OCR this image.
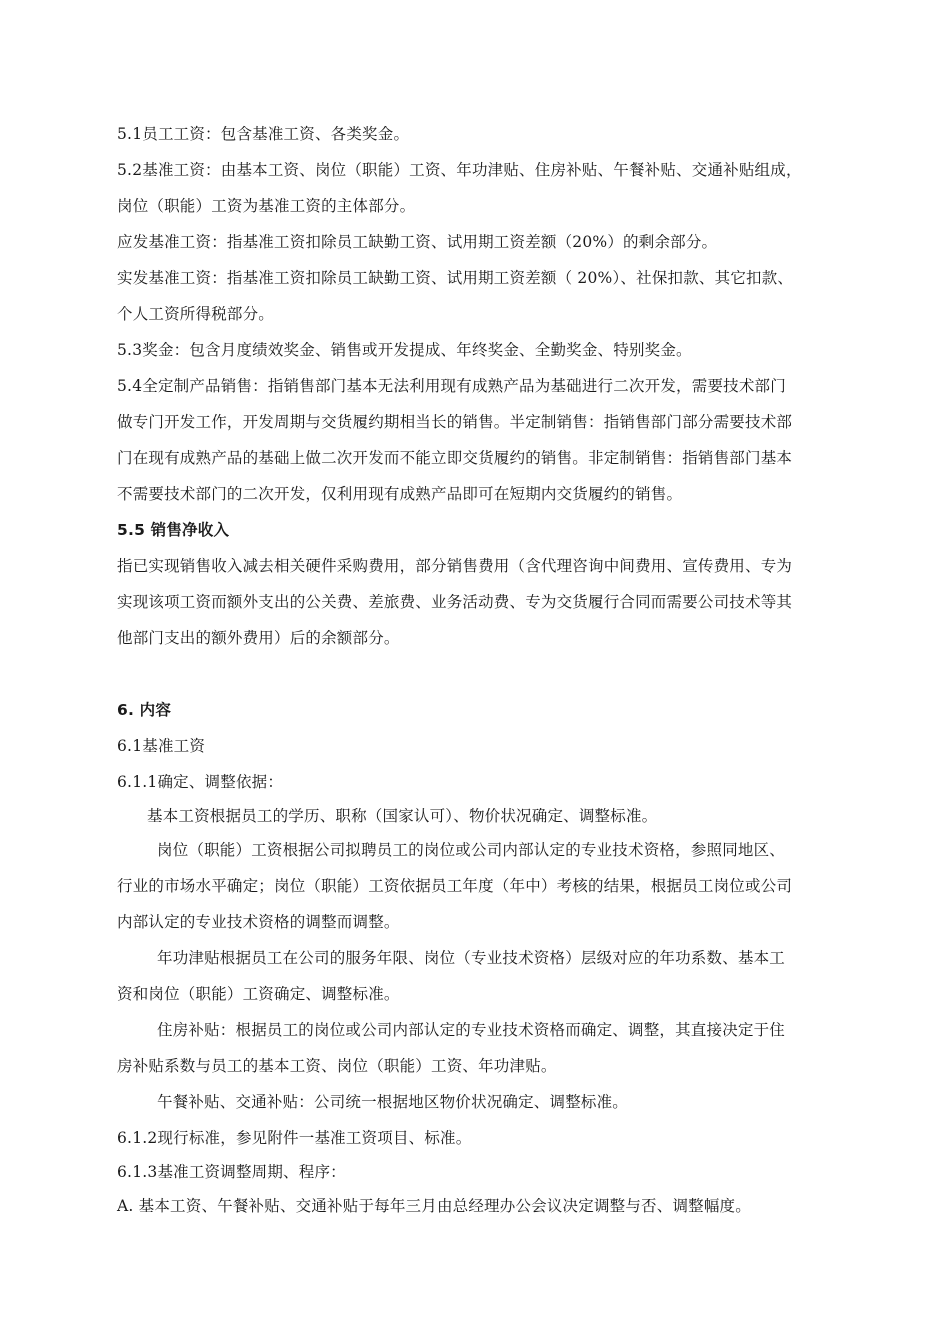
5.1员工工资：包含基准工资、各类奖金。
5.2基准工资：由基本工资、岗位（职能）工资、年功津贴、住房补贴、午餐补贴、交通补贴组成，
岗位（职能）工资为基准工资的主体部分。
应发基准工资：指基准工资扣除员工缺勤工资、试用期工资差额（20%）的剩余部分。
实发基准工资：指基准工资扣除员工缺勤工资、试用期工资差额（ 20%）、社保扣款、其它扣款、
个人工资所得税部分。
5.3奖金：包含月度绩效奖金、销售或开发提成、年终奖金、全勤奖金、特别奖金。
5.4全定制产品销售：指销售部门基本无法利用现有成熟产品为基础进行二次开发，需要技术部门
做专门开发工作，开发周期与交货履约期相当长的销售。半定制销售：指销售部门部分需要技术部
门在现有成熟产品的基础上做二次开发而不能立即交货履约的销售。非定制销售：指销售部门基本
不需要技术部门的二次开发，仅利用现有成熟产品即可在短期内交货履约的销售。
5.5 销售净收入
指已实现销售收入减去相关硬件采购费用，部分销售费用（含代理咨询中间费用、宣传费用、专为
实现该项工资而额外支出的公关费、差旅费、业务活动费、专为交货履行合同而需要公司技术等其
他部门支出的额外费用）后的余额部分。
6. 内容
6.1基准工资
6.1.1确定、调整依据：
基本工资根据员工的学历、职称（国家认可）、物价状况确定、调整标准。
岗位（职能）工资根据公司拟聘员工的岗位或公司内部认定的专业技术资格，参照同地区、
行业的市场水平确定；岗位（职能）工资依据员工年度（年中）考核的结果，根据员工岗位或公司
内部认定的专业技术资格的调整而调整。
年功津贴根据员工在公司的服务年限、岗位（专业技术资格）层级对应的年功系数、基本工
资和岗位（职能）工资确定、调整标准。
住房补贴：根据员工的岗位或公司内部认定的专业技术资格而确定、调整，其直接决定于住
房补贴系数与员工的基本工资、岗位（职能）工资、年功津贴。
午餐补贴、交通补贴：公司统一根据地区物价状况确定、调整标准。
6.1.2现行标准，参见附件一基准工资项目、标准。
6.1.3基准工资调整周期、程序：
A. 基本工资、午餐补贴、交通补贴于每年三月由总经理办公会议决定调整与否、调整幅度。
